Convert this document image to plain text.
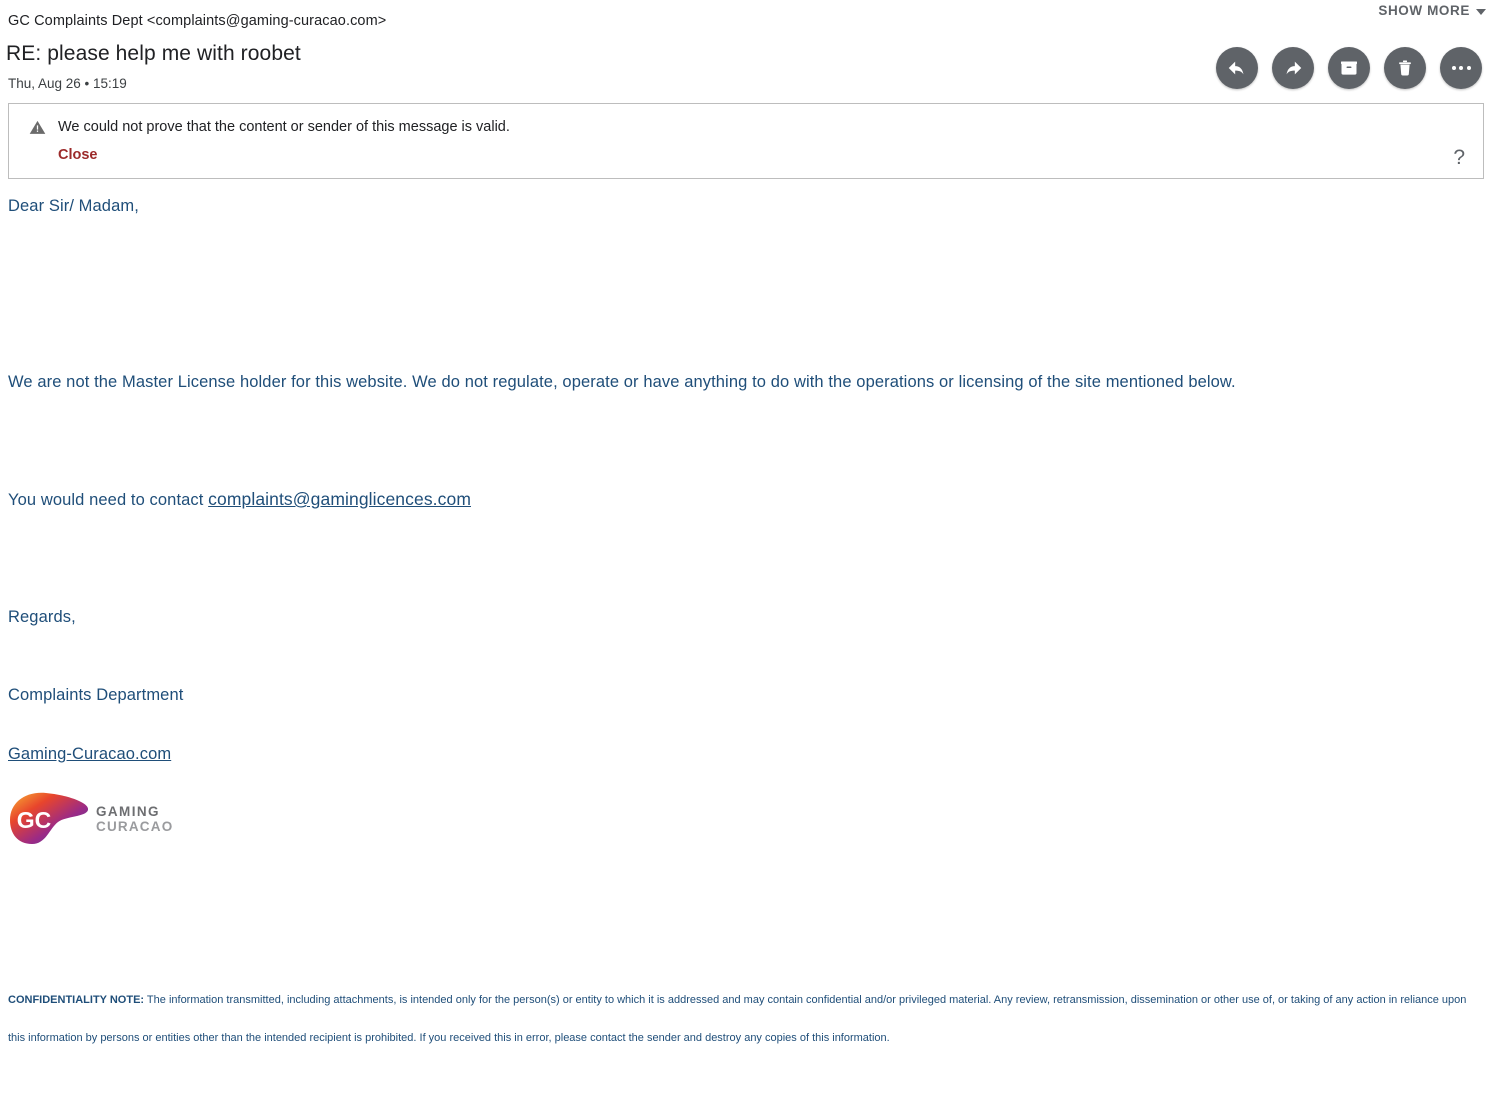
SHOW MORE
GC Complaints Dept <complaints@gaming-curacao.com>
RE: please help me with roobet
Thu, Aug 26 • 15:19
We could not prove that the content or sender of this message is valid.
Close	?

Dear Sir/ Madam,

We are not the Master License holder for this website. We do not regulate, operate or have anything to do with the operations or licensing of the site mentioned below.

You would need to contact complaints@gaminglicences.com

Regards,

Complaints Department

Gaming-Curacao.com

GC	GAMING
CURACAO
CONFIDENTIALITY NOTE: The information transmitted, including attachments, is intended only for the person(s) or entity to which it is addressed and may contain confidential and/or privileged material. Any review, retransmission, dissemination or other use of, or taking of any action in reliance upon this information by persons or entities other than the intended recipient is prohibited. If you received this in error, please contact the sender and destroy any copies of this information.
